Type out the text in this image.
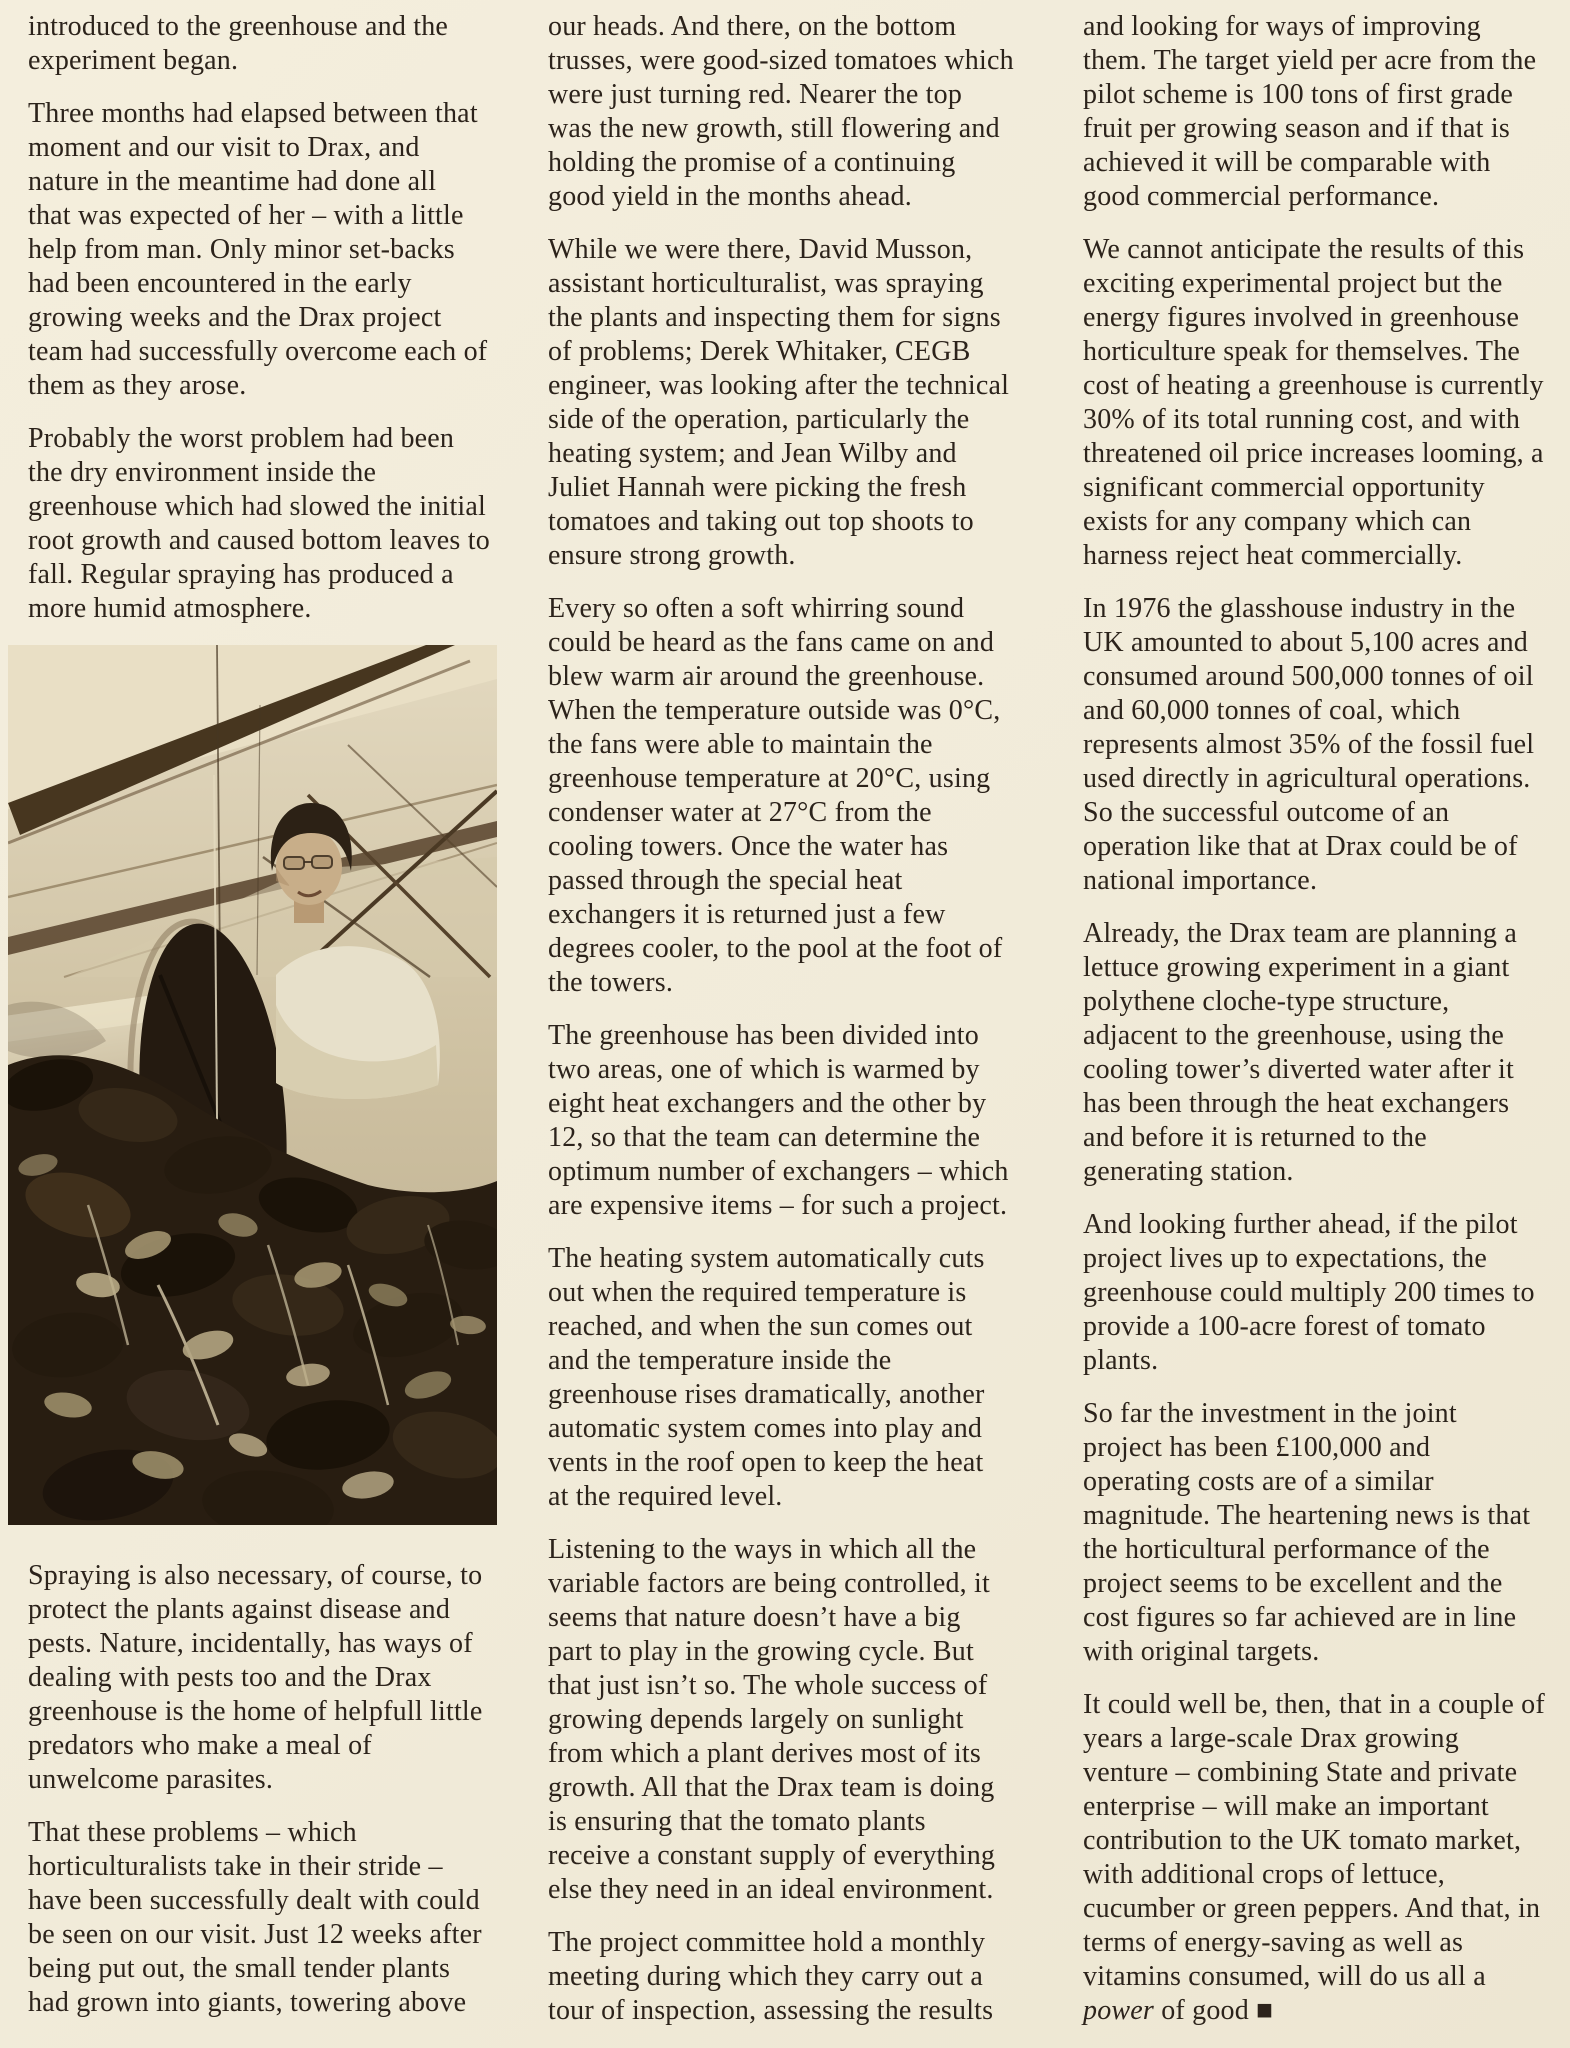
introduced to the greenhouse and the
experiment began.

Three months had elapsed between that
moment and our visit to Drax, and
nature in the meantime had done all
that was expected of her – with a little
help from man. Only minor set-backs
had been encountered in the early
growing weeks and the Drax project
team had successfully overcome each of
them as they arose.

Probably the worst problem had been
the dry environment inside the
greenhouse which had slowed the initial
root growth and caused bottom leaves to
fall. Regular spraying has produced a
more humid atmosphere.

Spraying is also necessary, of course, to
protect the plants against disease and
pests. Nature, incidentally, has ways of
dealing with pests too and the Drax
greenhouse is the home of helpfull little
predators who make a meal of
unwelcome parasites.

That these problems – which
horticulturalists take in their stride –
have been successfully dealt with could
be seen on our visit. Just 12 weeks after
being put out, the small tender plants
had grown into giants, towering above

our heads. And there, on the bottom
trusses, were good-sized tomatoes which
were just turning red. Nearer the top
was the new growth, still flowering and
holding the promise of a continuing
good yield in the months ahead.

While we were there, David Musson,
assistant horticulturalist, was spraying
the plants and inspecting them for signs
of problems; Derek Whitaker, CEGB
engineer, was looking after the technical
side of the operation, particularly the
heating system; and Jean Wilby and
Juliet Hannah were picking the fresh
tomatoes and taking out top shoots to
ensure strong growth.

Every so often a soft whirring sound
could be heard as the fans came on and
blew warm air around the greenhouse.
When the temperature outside was 0°C,
the fans were able to maintain the
greenhouse temperature at 20°C, using
condenser water at 27°C from the
cooling towers. Once the water has
passed through the special heat
exchangers it is returned just a few
degrees cooler, to the pool at the foot of
the towers.

The greenhouse has been divided into
two areas, one of which is warmed by
eight heat exchangers and the other by
12, so that the team can determine the
optimum number of exchangers – which
are expensive items – for such a project.

The heating system automatically cuts
out when the required temperature is
reached, and when the sun comes out
and the temperature inside the
greenhouse rises dramatically, another
automatic system comes into play and
vents in the roof open to keep the heat
at the required level.

Listening to the ways in which all the
variable factors are being controlled, it
seems that nature doesn’t have a big
part to play in the growing cycle. But
that just isn’t so. The whole success of
growing depends largely on sunlight
from which a plant derives most of its
growth. All that the Drax team is doing
is ensuring that the tomato plants
receive a constant supply of everything
else they need in an ideal environment.

The project committee hold a monthly
meeting during which they carry out a
tour of inspection, assessing the results

and looking for ways of improving
them. The target yield per acre from the
pilot scheme is 100 tons of first grade
fruit per growing season and if that is
achieved it will be comparable with
good commercial performance.

We cannot anticipate the results of this
exciting experimental project but the
energy figures involved in greenhouse
horticulture speak for themselves. The
cost of heating a greenhouse is currently
30% of its total running cost, and with
threatened oil price increases looming, a
significant commercial opportunity
exists for any company which can
harness reject heat commercially.

In 1976 the glasshouse industry in the
UK amounted to about 5,100 acres and
consumed around 500,000 tonnes of oil
and 60,000 tonnes of coal, which
represents almost 35% of the fossil fuel
used directly in agricultural operations.
So the successful outcome of an
operation like that at Drax could be of
national importance.

Already, the Drax team are planning a
lettuce growing experiment in a giant
polythene cloche-type structure,
adjacent to the greenhouse, using the
cooling tower’s diverted water after it
has been through the heat exchangers
and before it is returned to the
generating station.

And looking further ahead, if the pilot
project lives up to expectations, the
greenhouse could multiply 200 times to
provide a 100-acre forest of tomato
plants.

So far the investment in the joint
project has been £100,000 and
operating costs are of a similar
magnitude. The heartening news is that
the horticultural performance of the
project seems to be excellent and the
cost figures so far achieved are in line
with original targets.

It could well be, then, that in a couple of
years a large-scale Drax growing
venture – combining State and private
enterprise – will make an important
contribution to the UK tomato market,
with additional crops of lettuce,
cucumber or green peppers. And that, in
terms of energy-saving as well as
vitamins consumed, will do us all a
power of good ■
